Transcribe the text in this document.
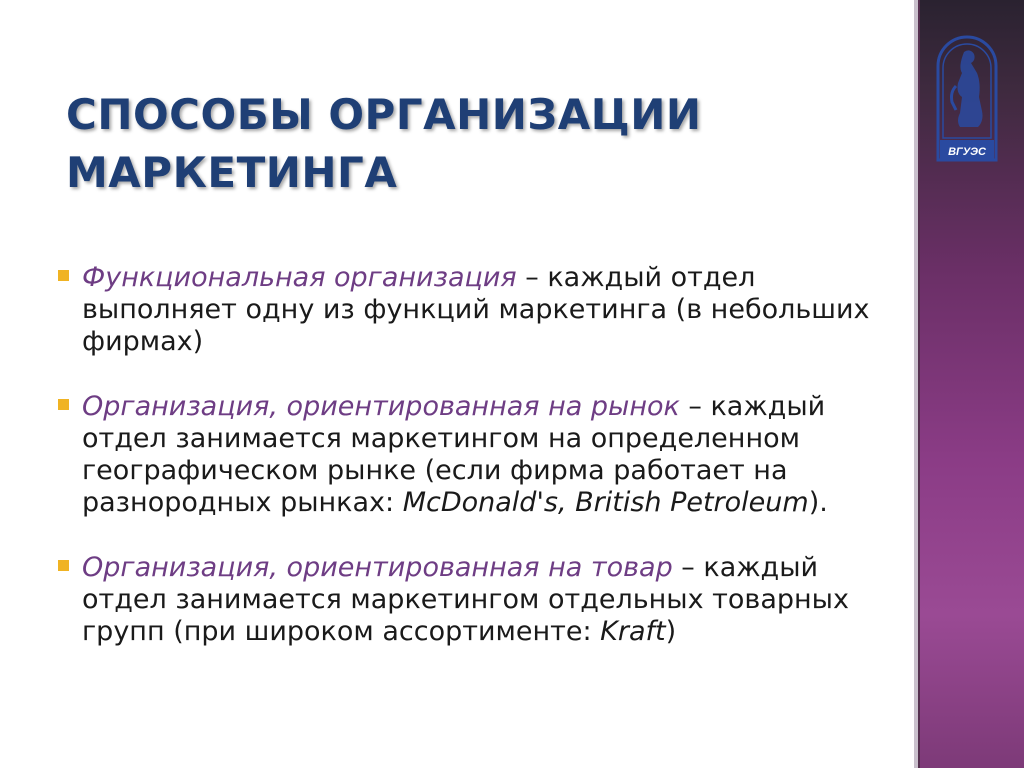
СПОСОБЫ ОРГАНИЗАЦИИ
МАРКЕТИНГА
Функциональная организация – каждый отдел выполняет одну из функций маркетинга (в небольших фирмах)
Организация, ориентированная на рынок – каждый отдел занимается маркетингом на определенном географическом рынке (если фирма работает на разнородных рынках: McDonald's, British Petroleum).
Организация, ориентированная на товар – каждый отдел занимается маркетингом отдельных товарных групп (при широком ассортименте: Kraft)
ВГУЭС
